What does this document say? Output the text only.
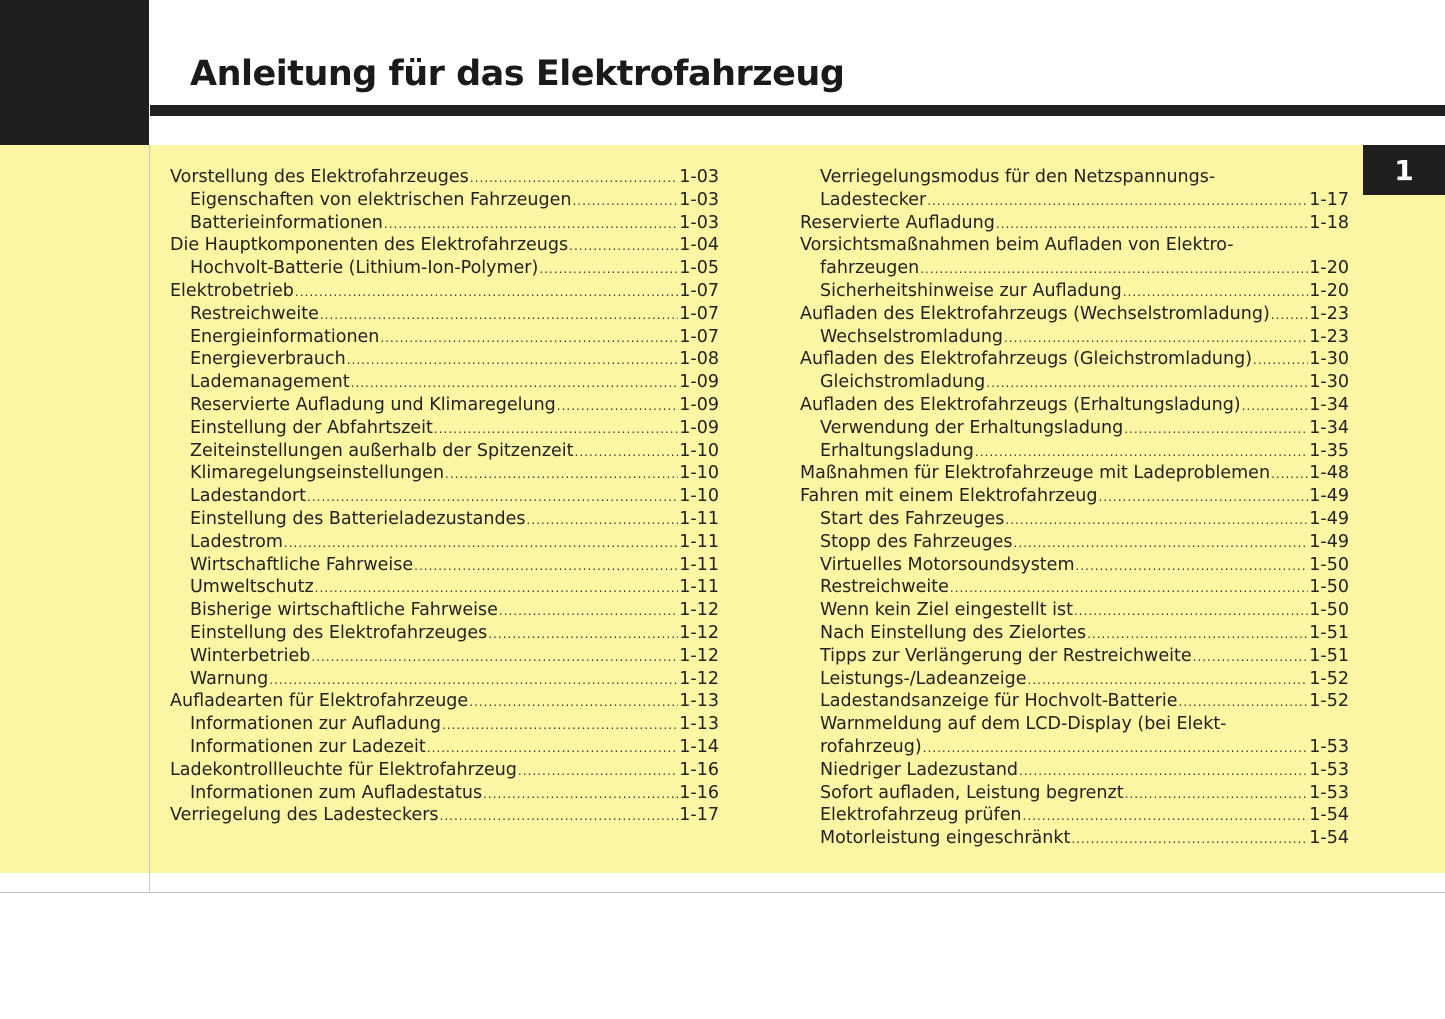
Anleitung für das Elektrofahrzeug
1
Vorstellung des Elektrofahrzeuges .....	1-03
Eigenschaften von elektrischen Fahrzeugen .....	1-03
Batterieinformationen .....	1-03
Die Hauptkomponenten des Elektrofahrzeugs .....	1-04
Hochvolt-Batterie (Lithium-Ion-Polymer) .....	1-05
Elektrobetrieb .....	1-07
Restreichweite .....	1-07
Energieinformationen .....	1-07
Energieverbrauch .....	1-08
Lademanagement .....	1-09
Reservierte Aufladung und Klimaregelung .....	1-09
Einstellung der Abfahrtszeit .....	1-09
Zeiteinstellungen außerhalb der Spitzenzeit .....	1-10
Klimaregelungseinstellungen .....	1-10
Ladestandort .....	1-10
Einstellung des Batterieladezustandes .....	1-11
Ladestrom .....	1-11
Wirtschaftliche Fahrweise .....	1-11
Umweltschutz .....	1-11
Bisherige wirtschaftliche Fahrweise .....	1-12
Einstellung des Elektrofahrzeuges .....	1-12
Winterbetrieb .....	1-12
Warnung .....	1-12
Aufladearten für Elektrofahrzeuge .....	1-13
Informationen zur Aufladung .....	1-13
Informationen zur Ladezeit .....	1-14
Ladekontrollleuchte für Elektrofahrzeug .....	1-16
Informationen zum Aufladestatus .....	1-16
Verriegelung des Ladesteckers .....	1-17
Verriegelungsmodus für den Netzspannungs-
Ladestecker .....	1-17
Reservierte Aufladung .....	1-18
Vorsichtsmaßnahmen beim Aufladen von Elektro-
fahrzeugen .....	1-20
Sicherheitshinweise zur Aufladung .....	1-20
Aufladen des Elektrofahrzeugs (Wechselstromladung) ..... 1-23
Wechselstromladung .....	1-23
Aufladen des Elektrofahrzeugs (Gleichstromladung) .....	1-30
Gleichstromladung .....	1-30
Aufladen des Elektrofahrzeugs (Erhaltungsladung) .....	1-34
Verwendung der Erhaltungsladung .....	1-34
Erhaltungsladung .....	1-35
Maßnahmen für Elektrofahrzeuge mit Ladeproblemen ..... 1-48
Fahren mit einem Elektrofahrzeug .....	1-49
Start des Fahrzeuges .....	1-49
Stopp des Fahrzeuges .....	1-49
Virtuelles Motorsoundsystem .....	1-50
Restreichweite .....	1-50
Wenn kein Ziel eingestellt ist .....	1-50
Nach Einstellung des Zielortes .....	1-51
Tipps zur Verlängerung der Restreichweite .....	1-51
Leistungs-/Ladeanzeige .....	1-52
Ladestandsanzeige für Hochvolt-Batterie .....	1-52
Warnmeldung auf dem LCD-Display (bei Elekt-
rofahrzeug) .....	1-53
Niedriger Ladezustand .....	1-53
Sofort aufladen, Leistung begrenzt .....	1-53
Elektrofahrzeug prüfen .....	1-54
Motorleistung eingeschränkt .....	1-54
